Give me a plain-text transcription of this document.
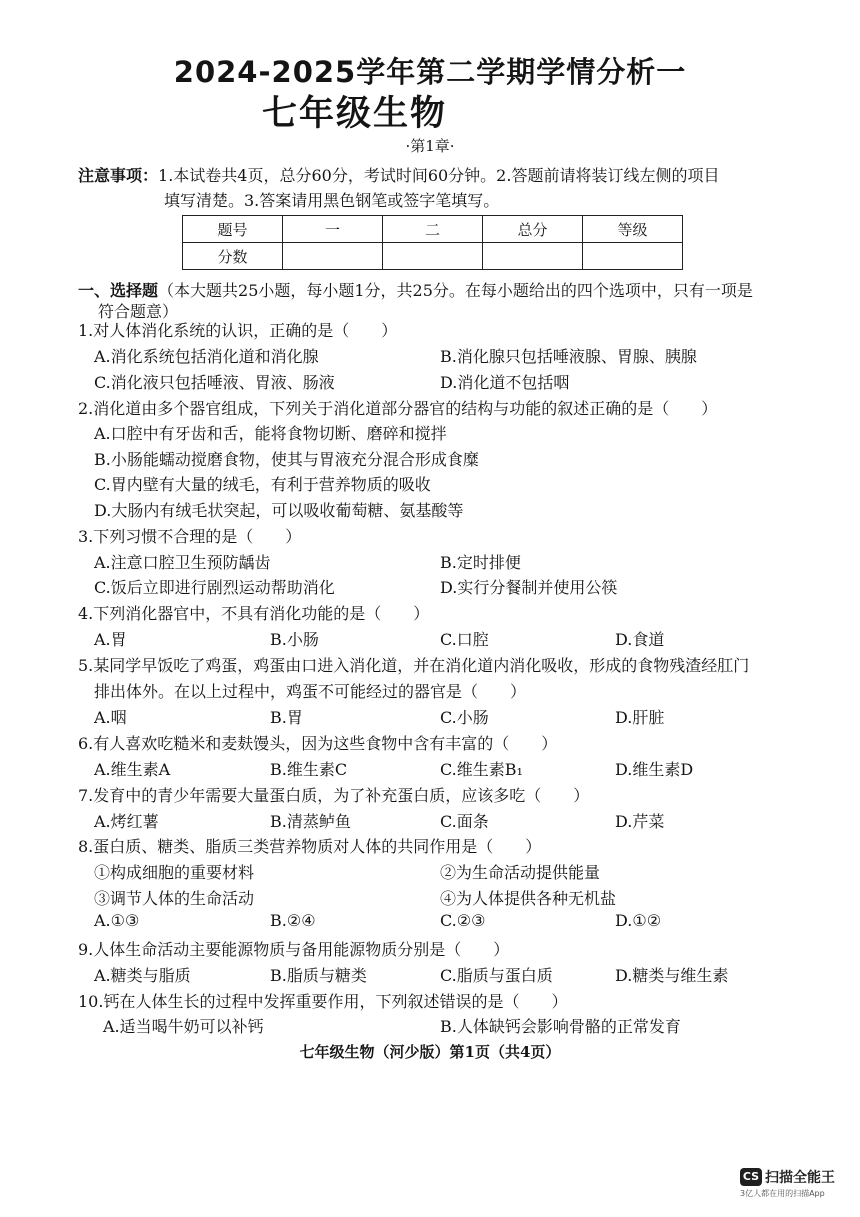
2024-2025学年第二学期学情分析一
七年级生物
·第1章·
注意事项：1.本试卷共4页，总分60分，考试时间60分钟。2.答题前请将装订线左侧的项目
填写清楚。3.答案请用黑色钢笔或签字笔填写。
题号	一	二	总分	等级
分数				
一、选择题（本大题共25小题，每小题1分，共25分。在每小题给出的四个选项中，只有一项是
符合题意）
1.对人体消化系统的认识，正确的是（　　）
A.消化系统包括消化道和消化腺	B.消化腺只包括唾液腺、胃腺、胰腺
C.消化液只包括唾液、胃液、肠液	D.消化道不包括咽
2.消化道由多个器官组成，下列关于消化道部分器官的结构与功能的叙述正确的是（　　）
A.口腔中有牙齿和舌，能将食物切断、磨碎和搅拌
B.小肠能蠕动搅磨食物，使其与胃液充分混合形成食糜
C.胃内壁有大量的绒毛，有利于营养物质的吸收
D.大肠内有绒毛状突起，可以吸收葡萄糖、氨基酸等
3.下列习惯不合理的是（　　）
A.注意口腔卫生预防龋齿	B.定时排便
C.饭后立即进行剧烈运动帮助消化	D.实行分餐制并使用公筷
4.下列消化器官中，不具有消化功能的是（　　）
A.胃	B.小肠	C.口腔	D.食道
5.某同学早饭吃了鸡蛋，鸡蛋由口进入消化道，并在消化道内消化吸收，形成的食物残渣经肛门
排出体外。在以上过程中，鸡蛋不可能经过的器官是（　　）
A.咽	B.胃	C.小肠	D.肝脏
6.有人喜欢吃糙米和麦麸馒头，因为这些食物中含有丰富的（　　）
A.维生素A	B.维生素C	C.维生素B₁	D.维生素D
7.发育中的青少年需要大量蛋白质，为了补充蛋白质，应该多吃（　　）
A.烤红薯	B.清蒸鲈鱼	C.面条	D.芹菜
8.蛋白质、糖类、脂质三类营养物质对人体的共同作用是（　　）
①构成细胞的重要材料	②为生命活动提供能量
③调节人体的生命活动	④为人体提供各种无机盐
A.①③	B.②④	C.②③	D.①②
9.人体生命活动主要能源物质与备用能源物质分别是（　　）
A.糖类与脂质	B.脂质与糖类	C.脂质与蛋白质	D.糖类与维生素
10.钙在人体生长的过程中发挥重要作用，下列叙述错误的是（　　）
A.适当喝牛奶可以补钙	B.人体缺钙会影响骨骼的正常发育
七年级生物（河少版）第1页（共4页）
CS 扫描全能王
3亿人都在用的扫描App
